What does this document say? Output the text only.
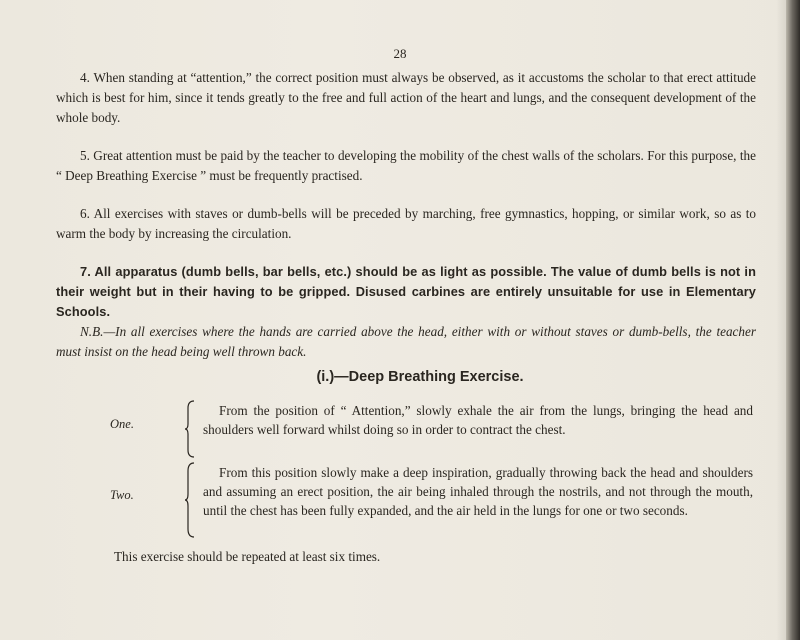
28

4. When standing at “attention,” the correct position must always be observed, as it accustoms the scholar to that erect attitude which is best for him, since it tends greatly to the free and full action of the heart and lungs, and the consequent development of the whole body.

5. Great attention must be paid by the teacher to developing the mobility of the chest walls of the scholars. For this purpose, the “ Deep Breathing Exercise ” must be frequently practised.

6. All exercises with staves or dumb-bells will be preceded by marching, free gymnastics, hopping, or similar work, so as to warm the body by increasing the circulation.

7. All apparatus (dumb bells, bar bells, etc.) should be as light as possible. The value of dumb bells is not in their weight but in their having to be gripped. Disused carbines are entirely unsuitable for use in Elementary Schools.

N.B.—In all exercises where the hands are carried above the head, either with or without staves or dumb-bells, the teacher must insist on the head being well thrown back.

(i.)—Deep Breathing Exercise.
One.

From the position of “ Attention,” slowly exhale the air from the lungs, bringing the head and shoulders well forward whilst doing so in order to contract the chest.

Two.

From this position slowly make a deep inspiration, gradually throwing back the head and shoulders and assuming an erect position, the air being inhaled through the nostrils, and not through the mouth, until the chest has been fully expanded, and the air held in the lungs for one or two seconds.

This exercise should be repeated at least six times.
